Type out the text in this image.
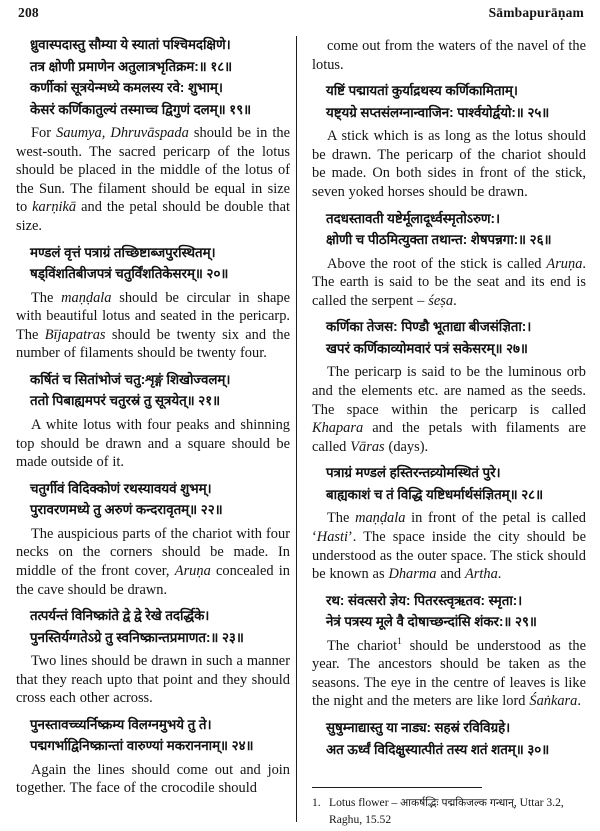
208	Sāmbapurāṇam
ध्रुवास्पदास्तु सौम्या ये स्यातां पश्चिमदक्षिणे।
तत्र क्षोणी प्रमाणेन अतुलात्रभृतिक्रम:॥ १८॥
कर्णीकां सूत्रयेन्मध्ये कमलस्य रवे: शुभाम्।
केसरं कर्णिकातुल्यं तस्माच्च द्विगुणं दलम्॥ १९॥

For Saumya, Dhruvāspada should be in the west-south. The sacred pericarp of the lotus should be placed in the middle of the lotus of the Sun. The filament should be equal in size to karṇikā and the petal should be double that size.

मण्डलं वृत्तं पत्राग्रं तच्छिष्टाब्जपुरस्थितम्।
षड्विंशतिबीजपत्रं चतुर्विंशतिकेसरम्॥ २०॥

The maṇḍala should be circular in shape with beautiful lotus and seated in the pericarp. The Bījapatras should be twenty six and the number of filaments should be twenty four.

कर्षितं च सितांभोजं चतु:शृङ्गं शिखोज्वलम्।
ततो पिबाह्यमपरं चतुरस्रं तु सूत्रयेत्॥ २१॥

A white lotus with four peaks and shinning top should be drawn and a square should be made outside of it.

चतुर्गीवं विदिक्कोणं रथस्यावयवं शुभम्।
पुरावरणमध्ये तु अरुणं कन्दरावृतम्॥ २२॥

The auspicious parts of the chariot with four necks on the corners should be made. In middle of the front cover, Aruṇa concealed in the cave should be drawn.

तत्पर्यन्तं विनिष्क्रांते द्वे द्वे रेखे तदर्द्धिके।
पुनस्तिर्यग्गतेऽग्रे तु स्वनिष्क्रान्तप्रमाणत:॥ २३॥

Two lines should be drawn in such a manner that they reach upto that point and they should cross each other across.

पुनस्तावच्च्यर्निष्क्रम्य विलग्नमुभये तु ते।
पद्मगर्भाद्विनिष्क्रान्तां वारुण्यां मकराननाम्॥ २४॥

Again the lines should come out and join together. The face of the crocodile should

come out from the waters of the navel of the lotus.

यष्टिं पद्मायतां कुर्याद्रथस्य कर्णिकामिताम्।
यष्ट्यग्रे सप्तसंलग्नान्वाजिन: पार्श्वयोर्द्वयो:॥ २५॥

A stick which is as long as the lotus should be drawn. The pericarp of the chariot should be made. On both sides in front of the stick, seven yoked horses should be drawn.

तदधस्तावती यष्टेर्मूलादूर्ध्वस्मृतोऽरुण:।
क्षोणी च पीठमित्युक्ता तथान्त: शेषपन्नगा:॥ २६॥

Above the root of the stick is called Aruṇa. The earth is said to be the seat and its end is called the serpent – śeṣa.

कर्णिका तेजस: पिण्डौ भूताद्या बीजसंज्ञिता:।
खपरं कर्णिकाव्योमवारं पत्रं सकेसरम्॥ २७॥

The pericarp is said to be the luminous orb and the elements etc. are named as the seeds. The space within the pericarp is called Khapara and the petals with filaments are called Vāras (days).

पत्राग्रं मण्डलं हस्तिरन्तव्र्योमस्थितं पुरे।
बाह्यकाशं च तं विद्धि यष्टिधर्मार्थसंज्ञितम्॥ २८॥

The maṇḍala in front of the petal is called ‘Hasti’. The space inside the city should be understood as the outer space. The stick should be known as Dharma and Artha.

रथ: संवत्सरो ज्ञेय: पितरस्त्वृऋतव: स्मृता:।
नेत्रं पत्रस्य मूले वै दोषाच्छन्दांसि शंकर:॥ २९॥

The chariot$^1$ should be understood as the year. The ancestors should be taken as the seasons. The eye in the centre of leaves is like the night and the meters are like lord Śaṅkara.

सुषुम्नाद्यास्तु या नाड्य: सहस्रं रविविग्रहे।
अत ऊर्ध्वं विदिक्षुस्यात्पीतं तस्य शतं शतम्॥ ३०॥
1. Lotus flower – आकर्षद्भिः पद्मकिजल्क गन्धान्, Uttar 3.2,
Raghu, 15.52
